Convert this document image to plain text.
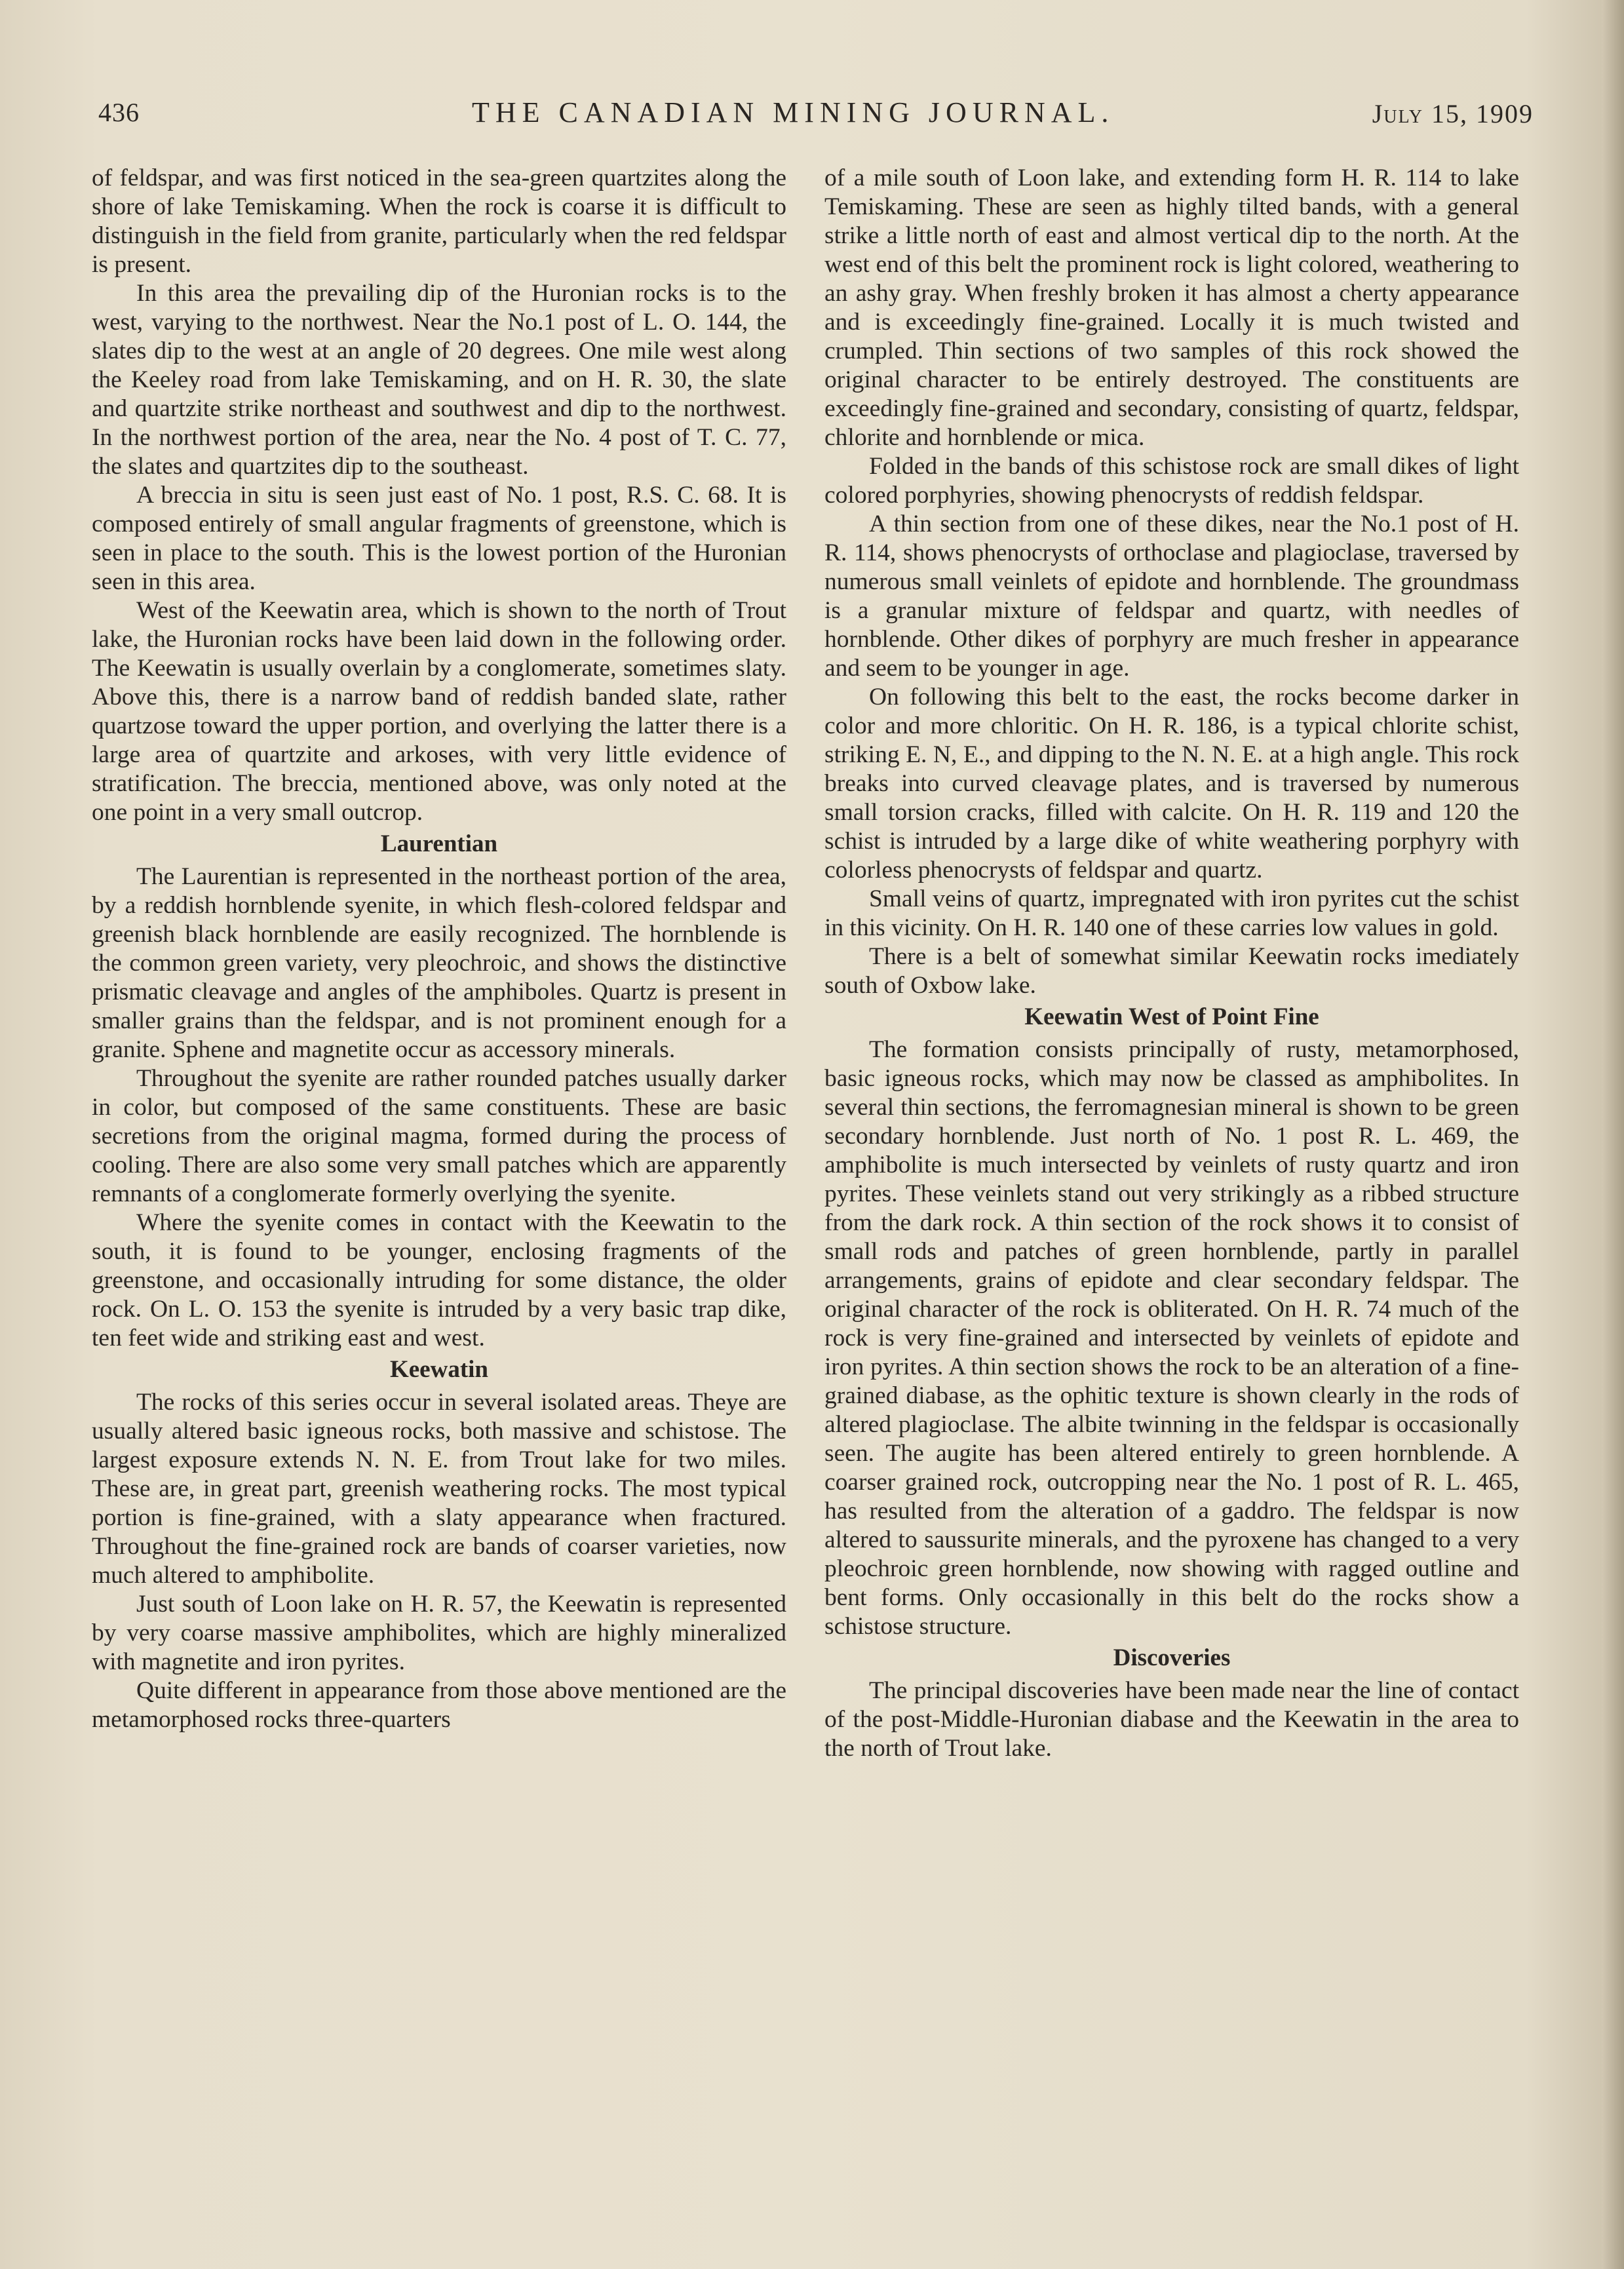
436	THE CANADIAN MINING JOURNAL.	July 15, 1909

of feldspar, and was first noticed in the sea-green quartzites along the shore of lake Temiskaming. When the rock is coarse it is difficult to distinguish in the field from granite, particularly when the red feldspar is present.

In this area the prevailing dip of the Huronian rocks is to the west, varying to the northwest. Near the No.1 post of L. O. 144, the slates dip to the west at an angle of 20 degrees. One mile west along the Keeley road from lake Temiskaming, and on H. R. 30, the slate and quartzite strike northeast and southwest and dip to the northwest. In the northwest portion of the area, near the No. 4 post of T. C. 77, the slates and quartzites dip to the southeast.

A breccia in situ is seen just east of No. 1 post, R.S. C. 68. It is composed entirely of small angular fragments of greenstone, which is seen in place to the south. This is the lowest portion of the Huronian seen in this area.

West of the Keewatin area, which is shown to the north of Trout lake, the Huronian rocks have been laid down in the following order. The Keewatin is usually overlain by a conglomerate, sometimes slaty. Above this, there is a narrow band of reddish banded slate, rather quartzose toward the upper portion, and overlying the latter there is a large area of quartzite and arkoses, with very little evidence of stratification. The breccia, mentioned above, was only noted at the one point in a very small outcrop.

Laurentian

The Laurentian is represented in the northeast portion of the area, by a reddish hornblende syenite, in which flesh-colored feldspar and greenish black hornblende are easily recognized. The hornblende is the common green variety, very pleochroic, and shows the distinctive prismatic cleavage and angles of the amphiboles. Quartz is present in smaller grains than the feldspar, and is not prominent enough for a granite. Sphene and magnetite occur as accessory minerals.

Throughout the syenite are rather rounded patches usually darker in color, but composed of the same constituents. These are basic secretions from the original magma, formed during the process of cooling. There are also some very small patches which are apparently remnants of a conglomerate formerly overlying the syenite.

Where the syenite comes in contact with the Keewatin to the south, it is found to be younger, enclosing fragments of the greenstone, and occasionally intruding for some distance, the older rock. On L. O. 153 the syenite is intruded by a very basic trap dike, ten feet wide and striking east and west.

Keewatin

The rocks of this series occur in several isolated areas. Theye are usually altered basic igneous rocks, both massive and schistose. The largest exposure extends N. N. E. from Trout lake for two miles. These are, in great part, greenish weathering rocks. The most typical portion is fine-grained, with a slaty appearance when fractured. Throughout the fine-grained rock are bands of coarser varieties, now much altered to amphibolite.

Just south of Loon lake on H. R. 57, the Keewatin is represented by very coarse massive amphibolites, which are highly mineralized with magnetite and iron pyrites.

Quite different in appearance from those above mentioned are the metamorphosed rocks three-quarters

of a mile south of Loon lake, and extending form H. R. 114 to lake Temiskaming. These are seen as highly tilted bands, with a general strike a little north of east and almost vertical dip to the north. At the west end of this belt the prominent rock is light colored, weathering to an ashy gray. When freshly broken it has almost a cherty appearance and is exceedingly fine-grained. Locally it is much twisted and crumpled. Thin sections of two samples of this rock showed the original character to be entirely destroyed. The constituents are exceedingly fine-grained and secondary, consisting of quartz, feldspar, chlorite and hornblende or mica.

Folded in the bands of this schistose rock are small dikes of light colored porphyries, showing phenocrysts of reddish feldspar.

A thin section from one of these dikes, near the No.1 post of H. R. 114, shows phenocrysts of orthoclase and plagioclase, traversed by numerous small veinlets of epidote and hornblende. The groundmass is a granular mixture of feldspar and quartz, with needles of hornblende. Other dikes of porphyry are much fresher in appearance and seem to be younger in age.

On following this belt to the east, the rocks become darker in color and more chloritic. On H. R. 186, is a typical chlorite schist, striking E. N, E., and dipping to the N. N. E. at a high angle. This rock breaks into curved cleavage plates, and is traversed by numerous small torsion cracks, filled with calcite. On H. R. 119 and 120 the schist is intruded by a large dike of white weathering porphyry with colorless phenocrysts of feldspar and quartz.

Small veins of quartz, impregnated with iron pyrites cut the schist in this vicinity. On H. R. 140 one of these carries low values in gold.

There is a belt of somewhat similar Keewatin rocks imediately south of Oxbow lake.

Keewatin West of Point Fine

The formation consists principally of rusty, metamorphosed, basic igneous rocks, which may now be classed as amphibolites. In several thin sections, the ferromagnesian mineral is shown to be green secondary hornblende. Just north of No. 1 post R. L. 469, the amphibolite is much intersected by veinlets of rusty quartz and iron pyrites. These veinlets stand out very strikingly as a ribbed structure from the dark rock. A thin section of the rock shows it to consist of small rods and patches of green hornblende, partly in parallel arrangements, grains of epidote and clear secondary feldspar. The original character of the rock is obliterated. On H. R. 74 much of the rock is very fine-grained and intersected by veinlets of epidote and iron pyrites. A thin section shows the rock to be an alteration of a fine-grained diabase, as the ophitic texture is shown clearly in the rods of altered plagioclase. The albite twinning in the feldspar is occasionally seen. The augite has been altered entirely to green hornblende. A coarser grained rock, outcropping near the No. 1 post of R. L. 465, has resulted from the alteration of a gaddro. The feldspar is now altered to saussurite minerals, and the pyroxene has changed to a very pleochroic green hornblende, now showing with ragged outline and bent forms. Only occasionally in this belt do the rocks show a schistose structure.

Discoveries

The principal discoveries have been made near the line of contact of the post-Middle-Huronian diabase and the Keewatin in the area to the north of Trout lake.
